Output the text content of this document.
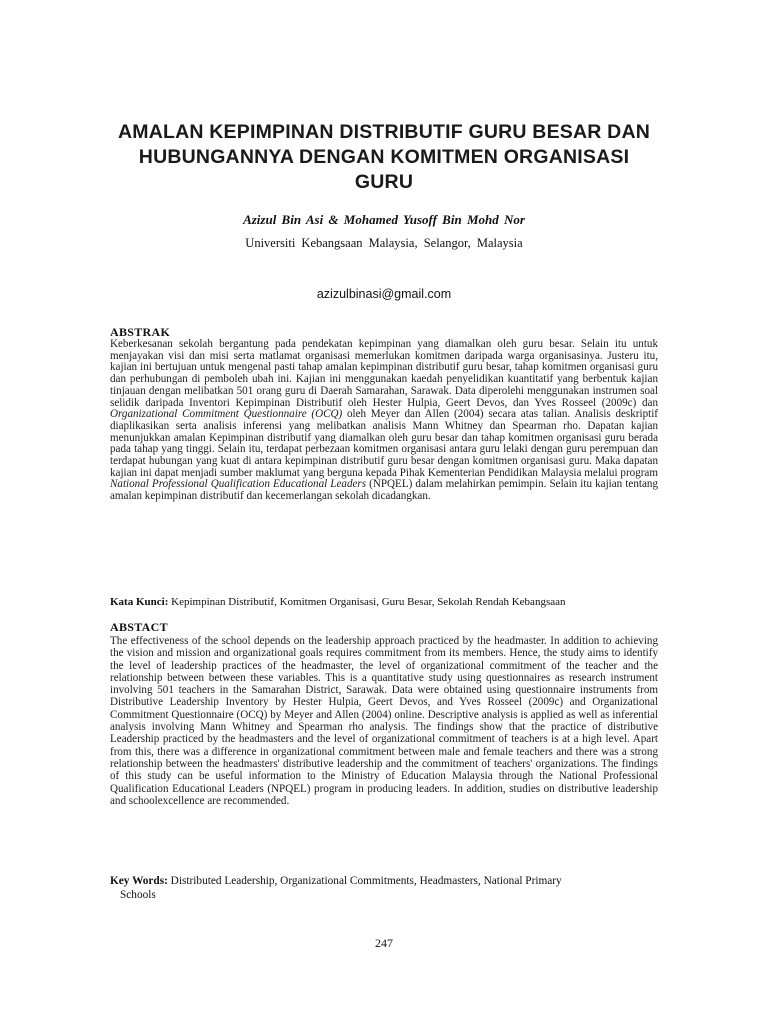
AMALAN KEPIMPINAN DISTRIBUTIF GURU BESAR DAN HUBUNGANNYA DENGAN KOMITMEN ORGANISASI GURU
Azizul Bin Asi & Mohamed Yusoff Bin Mohd Nor
Universiti Kebangsaan Malaysia, Selangor, Malaysia
azizulbinasi@gmail.com
ABSTRAK
Keberkesanan sekolah bergantung pada pendekatan kepimpinan yang diamalkan oleh guru besar. Selain itu untuk menjayakan visi dan misi serta matlamat organisasi memerlukan komitmen daripada warga organisasinya. Justeru itu, kajian ini bertujuan untuk mengenal pasti tahap amalan kepimpinan distributif guru besar, tahap komitmen organisasi guru dan perhubungan di pemboleh ubah ini. Kajian ini menggunakan kaedah penyelidikan kuantitatif yang berbentuk kajian tinjauan dengan melibatkan 501 orang guru di Daerah Samarahan, Sarawak. Data diperolehi menggunakan instrumen soal selidik daripada Inventori Kepimpinan Distributif oleh Hester Hulpia, Geert Devos, dan Yves Rosseel (2009c) dan Organizational Commitment Questionnaire (OCQ) oleh Meyer dan Allen (2004) secara atas talian. Analisis deskriptif diaplikasikan serta analisis inferensi yang melibatkan analisis Mann Whitney dan Spearman rho. Dapatan kajian menunjukkan amalan Kepimpinan distributif yang diamalkan oleh guru besar dan tahap komitmen organisasi guru berada pada tahap yang tinggi. Selain itu, terdapat perbezaan komitmen organisasi antara guru lelaki dengan guru perempuan dan terdapat hubungan yang kuat di antara kepimpinan distributif guru besar dengan komitmen organisasi guru. Maka dapatan kajian ini dapat menjadi sumber maklumat yang berguna kepada Pihak Kementerian Pendidikan Malaysia melalui program National Professional Qualification Educational Leaders (NPQEL) dalam melahirkan pemimpin. Selain itu kajian tentang amalan kepimpinan distributif dan kecemerlangan sekolah dicadangkan.
Kata Kunci: Kepimpinan Distributif, Komitmen Organisasi, Guru Besar, Sekolah Rendah Kebangsaan
ABSTACT
The effectiveness of the school depends on the leadership approach practiced by the headmaster. In addition to achieving the vision and mission and organizational goals requires commitment from its members. Hence, the study aims to identify the level of leadership practices of the headmaster, the level of organizational commitment of the teacher and the relationship between between these variables. This is a quantitative study using questionnaires as research instrument involving 501 teachers in the Samarahan District, Sarawak. Data were obtained using questionnaire instruments from Distributive Leadership Inventory by Hester Hulpia, Geert Devos, and Yves Rosseel (2009c) and Organizational Commitment Questionnaire (OCQ) by Meyer and Allen (2004) online. Descriptive analysis is applied as well as inferential analysis involving Mann Whitney and Spearman rho analysis. The findings show that the practice of distributive Leadership practiced by the headmasters and the level of organizational commitment of teachers is at a high level. Apart from this, there was a difference in organizational commitment between male and female teachers and there was a strong relationship between the headmasters' distributive leadership and the commitment of teachers' organizations. The findings of this study can be useful information to the Ministry of Education Malaysia through the National Professional Qualification Educational Leaders (NPQEL) program in producing leaders. In addition, studies on distributive leadership and schoolexcellence are recommended.
Key Words: Distributed Leadership, Organizational Commitments, Headmasters, National Primary
Schools
247
